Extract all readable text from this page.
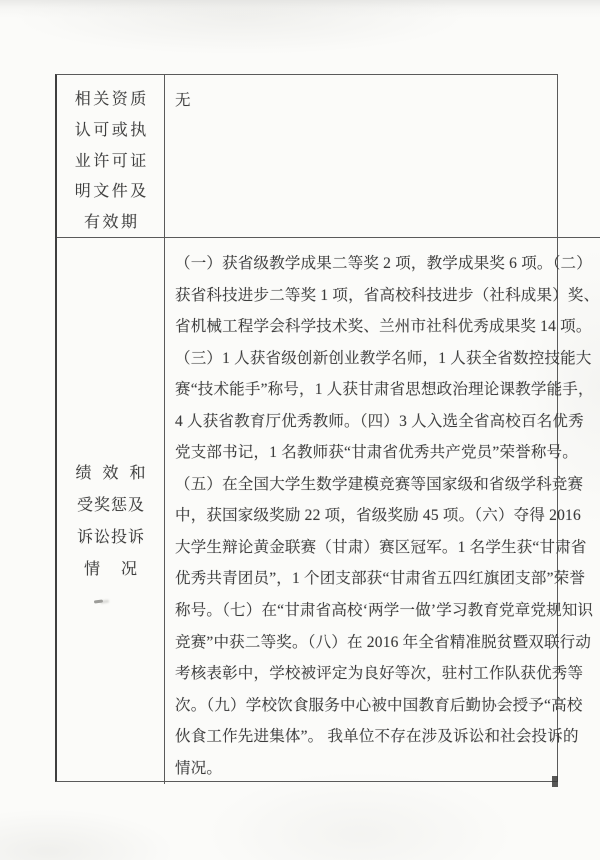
相关资质
认可或执
业许可证
明文件及
有效期
无
绩 效 和
受奖惩及
诉讼投诉
情  况
（一）获省级教学成果二等奖 2 项，教学成果奖 6 项。（二）
获省科技进步二等奖 1 项，省高校科技进步（社科成果）奖、
省机械工程学会科学技术奖、兰州市社科优秀成果奖 14 项。
（三）1 人获省级创新创业教学名师，1 人获全省数控技能大
赛“技术能手”称号，1 人获甘肃省思想政治理论课教学能手，
4 人获省教育厅优秀教师。（四）3 人入选全省高校百名优秀
党支部书记，1 名教师获“甘肃省优秀共产党员”荣誉称号。
（五）在全国大学生数学建模竞赛等国家级和省级学科竞赛
中，获国家级奖励 22 项，省级奖励 45 项。（六）夺得 2016
大学生辩论黄金联赛（甘肃）赛区冠军。1 名学生获“甘肃省
优秀共青团员”，1 个团支部获“甘肃省五四红旗团支部”荣誉
称号。（七）在“甘肃省高校‘两学一做’学习教育党章党规知识
竞赛”中获二等奖。（八）在 2016 年全省精准脱贫暨双联行动
考核表彰中，学校被评定为良好等次，驻村工作队获优秀等
次。（九）学校饮食服务中心被中国教育后勤协会授予“高校
伙食工作先进集体”。 我单位不存在涉及诉讼和社会投诉的
情况。
